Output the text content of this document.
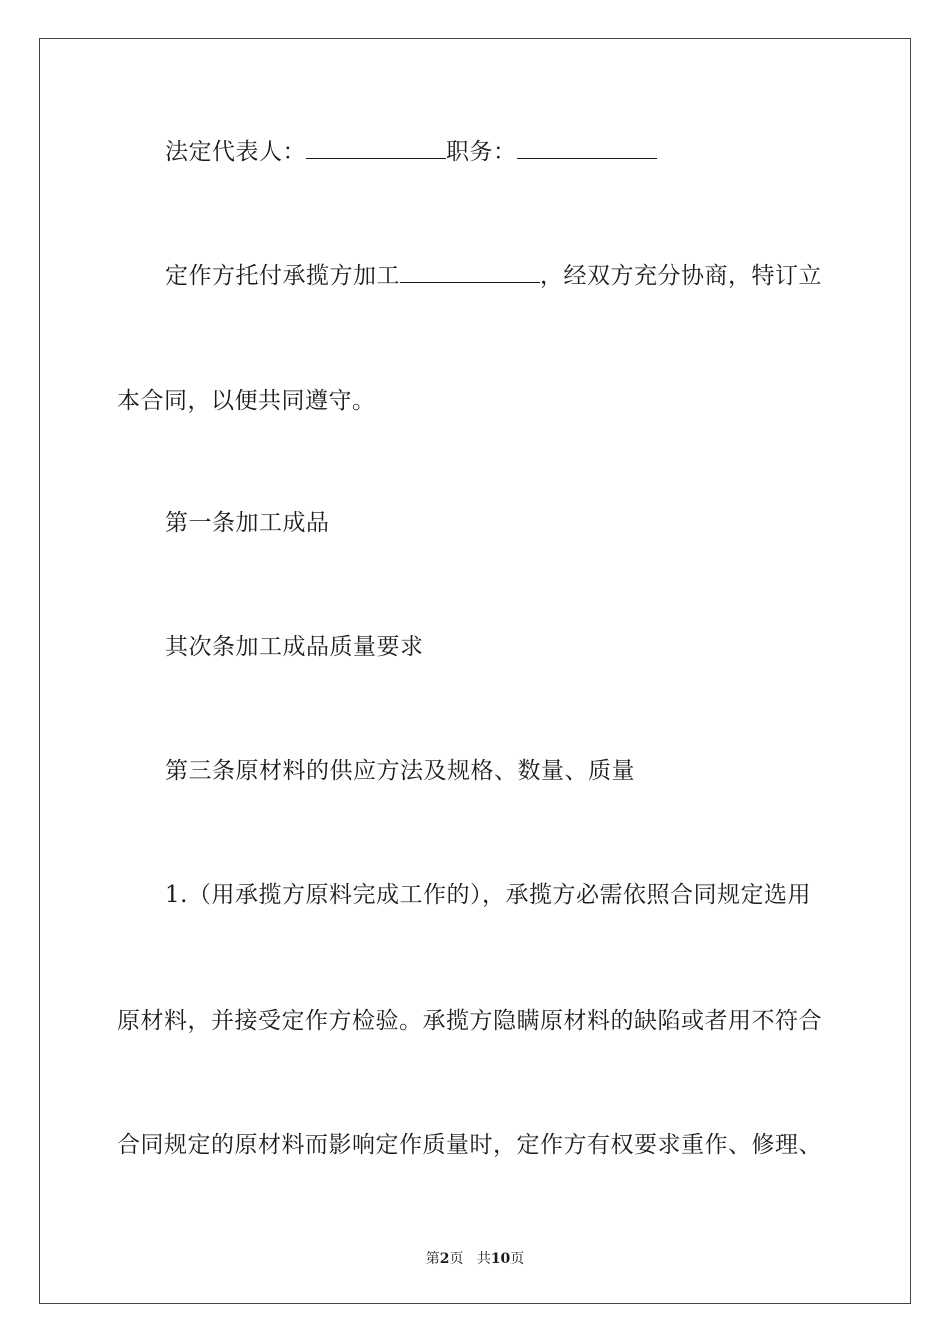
法定代表人：	职务：
定作方托付承揽方加工	，经双方充分协商，特订立
本合同，以便共同遵守。
第一条加工成品
其次条加工成品质量要求
第三条原材料的供应方法及规格、数量、质量
1.（用承揽方原料完成工作的），承揽方必需依照合同规定选用
原材料，并接受定作方检验。承揽方隐瞒原材料的缺陷或者用不符合
合同规定的原材料而影响定作质量时，定作方有权要求重作、修理、
第2页 共10页
